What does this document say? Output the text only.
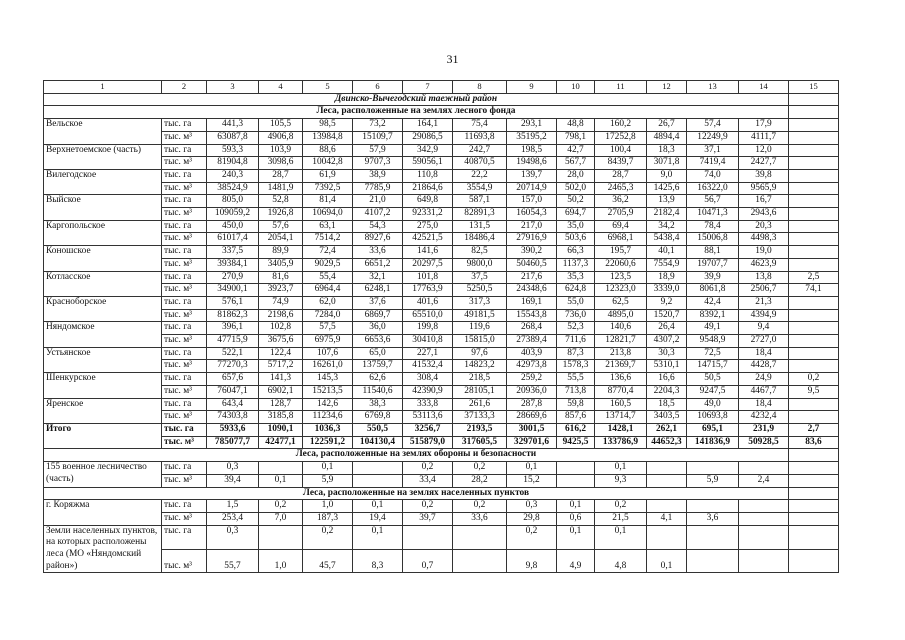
31
1	2	3	4	5	6	7	8	9	10	11	12	13	14	15
Двинско-Вычегодский таежный район														
Леса, расположенные на землях лесного фонда														
Вельское	тыс. га	441,3	105,5	98,5	73,2	164,1	75,4	293,1	48,8	160,2	26,7	57,4	17,9	
	тыс. м³	63087,8	4906,8	13984,8	15109,7	29086,5	11693,8	35195,2	798,1	17252,8	4894,4	12249,9	4111,7	
Верхнетоемское (часть)	тыс. га	593,3	103,9	88,6	57,9	342,9	242,7	198,5	42,7	100,4	18,3	37,1	12,0	
	тыс. м³	81904,8	3098,6	10042,8	9707,3	59056,1	40870,5	19498,6	567,7	8439,7	3071,8	7419,4	2427,7	
Вилегодское	тыс. га	240,3	28,7	61,9	38,9	110,8	22,2	139,7	28,0	28,7	9,0	74,0	39,8	
	тыс. м³	38524,9	1481,9	7392,5	7785,9	21864,6	3554,9	20714,9	502,0	2465,3	1425,6	16322,0	9565,9	
Выйское	тыс. га	805,0	52,8	81,4	21,0	649,8	587,1	157,0	50,2	36,2	13,9	56,7	16,7	
	тыс. м³	109059,2	1926,8	10694,0	4107,2	92331,2	82891,3	16054,3	694,7	2705,9	2182,4	10471,3	2943,6	
Каргопольское	тыс. га	450,0	57,6	63,1	54,3	275,0	131,5	217,0	35,0	69,4	34,2	78,4	20,3	
	тыс. м³	61017,4	2054,1	7514,2	8927,6	42521,5	18486,4	27916,9	503,6	6968,1	5438,4	15006,8	4498,3	
Коношское	тыс. га	337,5	89,9	72,4	33,6	141,6	82,5	390,2	66,3	195,7	40,1	88,1	19,0	
	тыс. м³	39384,1	3405,9	9029,5	6651,2	20297,5	9800,0	50460,5	1137,3	22060,6	7554,9	19707,7	4623,9	
Котласское	тыс. га	270,9	81,6	55,4	32,1	101,8	37,5	217,6	35,3	123,5	18,9	39,9	13,8	2,5
	тыс. м³	34900,1	3923,7	6964,4	6248,1	17763,9	5250,5	24348,6	624,8	12323,0	3339,0	8061,8	2506,7	74,1
Красноборское	тыс. га	576,1	74,9	62,0	37,6	401,6	317,3	169,1	55,0	62,5	9,2	42,4	21,3	
	тыс. м³	81862,3	2198,6	7284,0	6869,7	65510,0	49181,5	15543,8	736,0	4895,0	1520,7	8392,1	4394,9	
Няндомское	тыс. га	396,1	102,8	57,5	36,0	199,8	119,6	268,4	52,3	140,6	26,4	49,1	9,4	
	тыс. м³	47715,9	3675,6	6975,9	6653,6	30410,8	15815,0	27389,4	711,6	12821,7	4307,2	9548,9	2727,0	
Устьянское	тыс. га	522,1	122,4	107,6	65,0	227,1	97,6	403,9	87,3	213,8	30,3	72,5	18,4	
	тыс. м³	77270,3	5717,2	16261,0	13759,7	41532,4	14823,2	42973,8	1578,3	21369,7	5310,1	14715,7	4428,7	
Шенкурское	тыс. га	657,6	141,3	145,3	62,6	308,4	218,5	259,2	55,5	136,6	16,6	50,5	24,9	0,2
	тыс. м³	76047,1	6902,1	15213,5	11540,6	42390,9	28105,1	20936,0	713,8	8770,4	2204,3	9247,5	4467,7	9,5
Яренское	тыс. га	643,4	128,7	142,6	38,3	333,8	261,6	287,8	59,8	160,5	18,5	49,0	18,4	
	тыс. м³	74303,8	3185,8	11234,6	6769,8	53113,6	37133,3	28669,6	857,6	13714,7	3403,5	10693,8	4232,4	
Итого	тыс. га	5933,6	1090,1	1036,3	550,5	3256,7	2193,5	3001,5	616,2	1428,1	262,1	695,1	231,9	2,7
	тыс. м³	785077,7	42477,1	122591,2	104130,4	515879,0	317605,5	329701,6	9425,5	133786,9	44652,3	141836,9	50928,5	83,6
Леса, расположенные на землях обороны и безопасности														
155 военное лесничество (часть)	тыс. га	0,3		0,1		0,2	0,2	0,1		0,1				
	тыс. м³	39,4	0,1	5,9		33,4	28,2	15,2		9,3		5,9	2,4	
Леса, расположенные на землях населенных пунктов														
г. Коряжма	тыс. га	1,5	0,2	1,0	0,1	0,2	0,2	0,3	0,1	0,2				
	тыс. м³	253,4	7,0	187,3	19,4	39,7	33,6	29,8	0,6	21,5	4,1	3,6		
Земли населенных пунктов, на которых расположены леса (МО «Няндомский район»)	тыс. га	0,3		0,2	0,1			0,2	0,1	0,1				
	тыс. м³	55,7	1,0	45,7	8,3	0,7		9,8	4,9	4,8	0,1			
